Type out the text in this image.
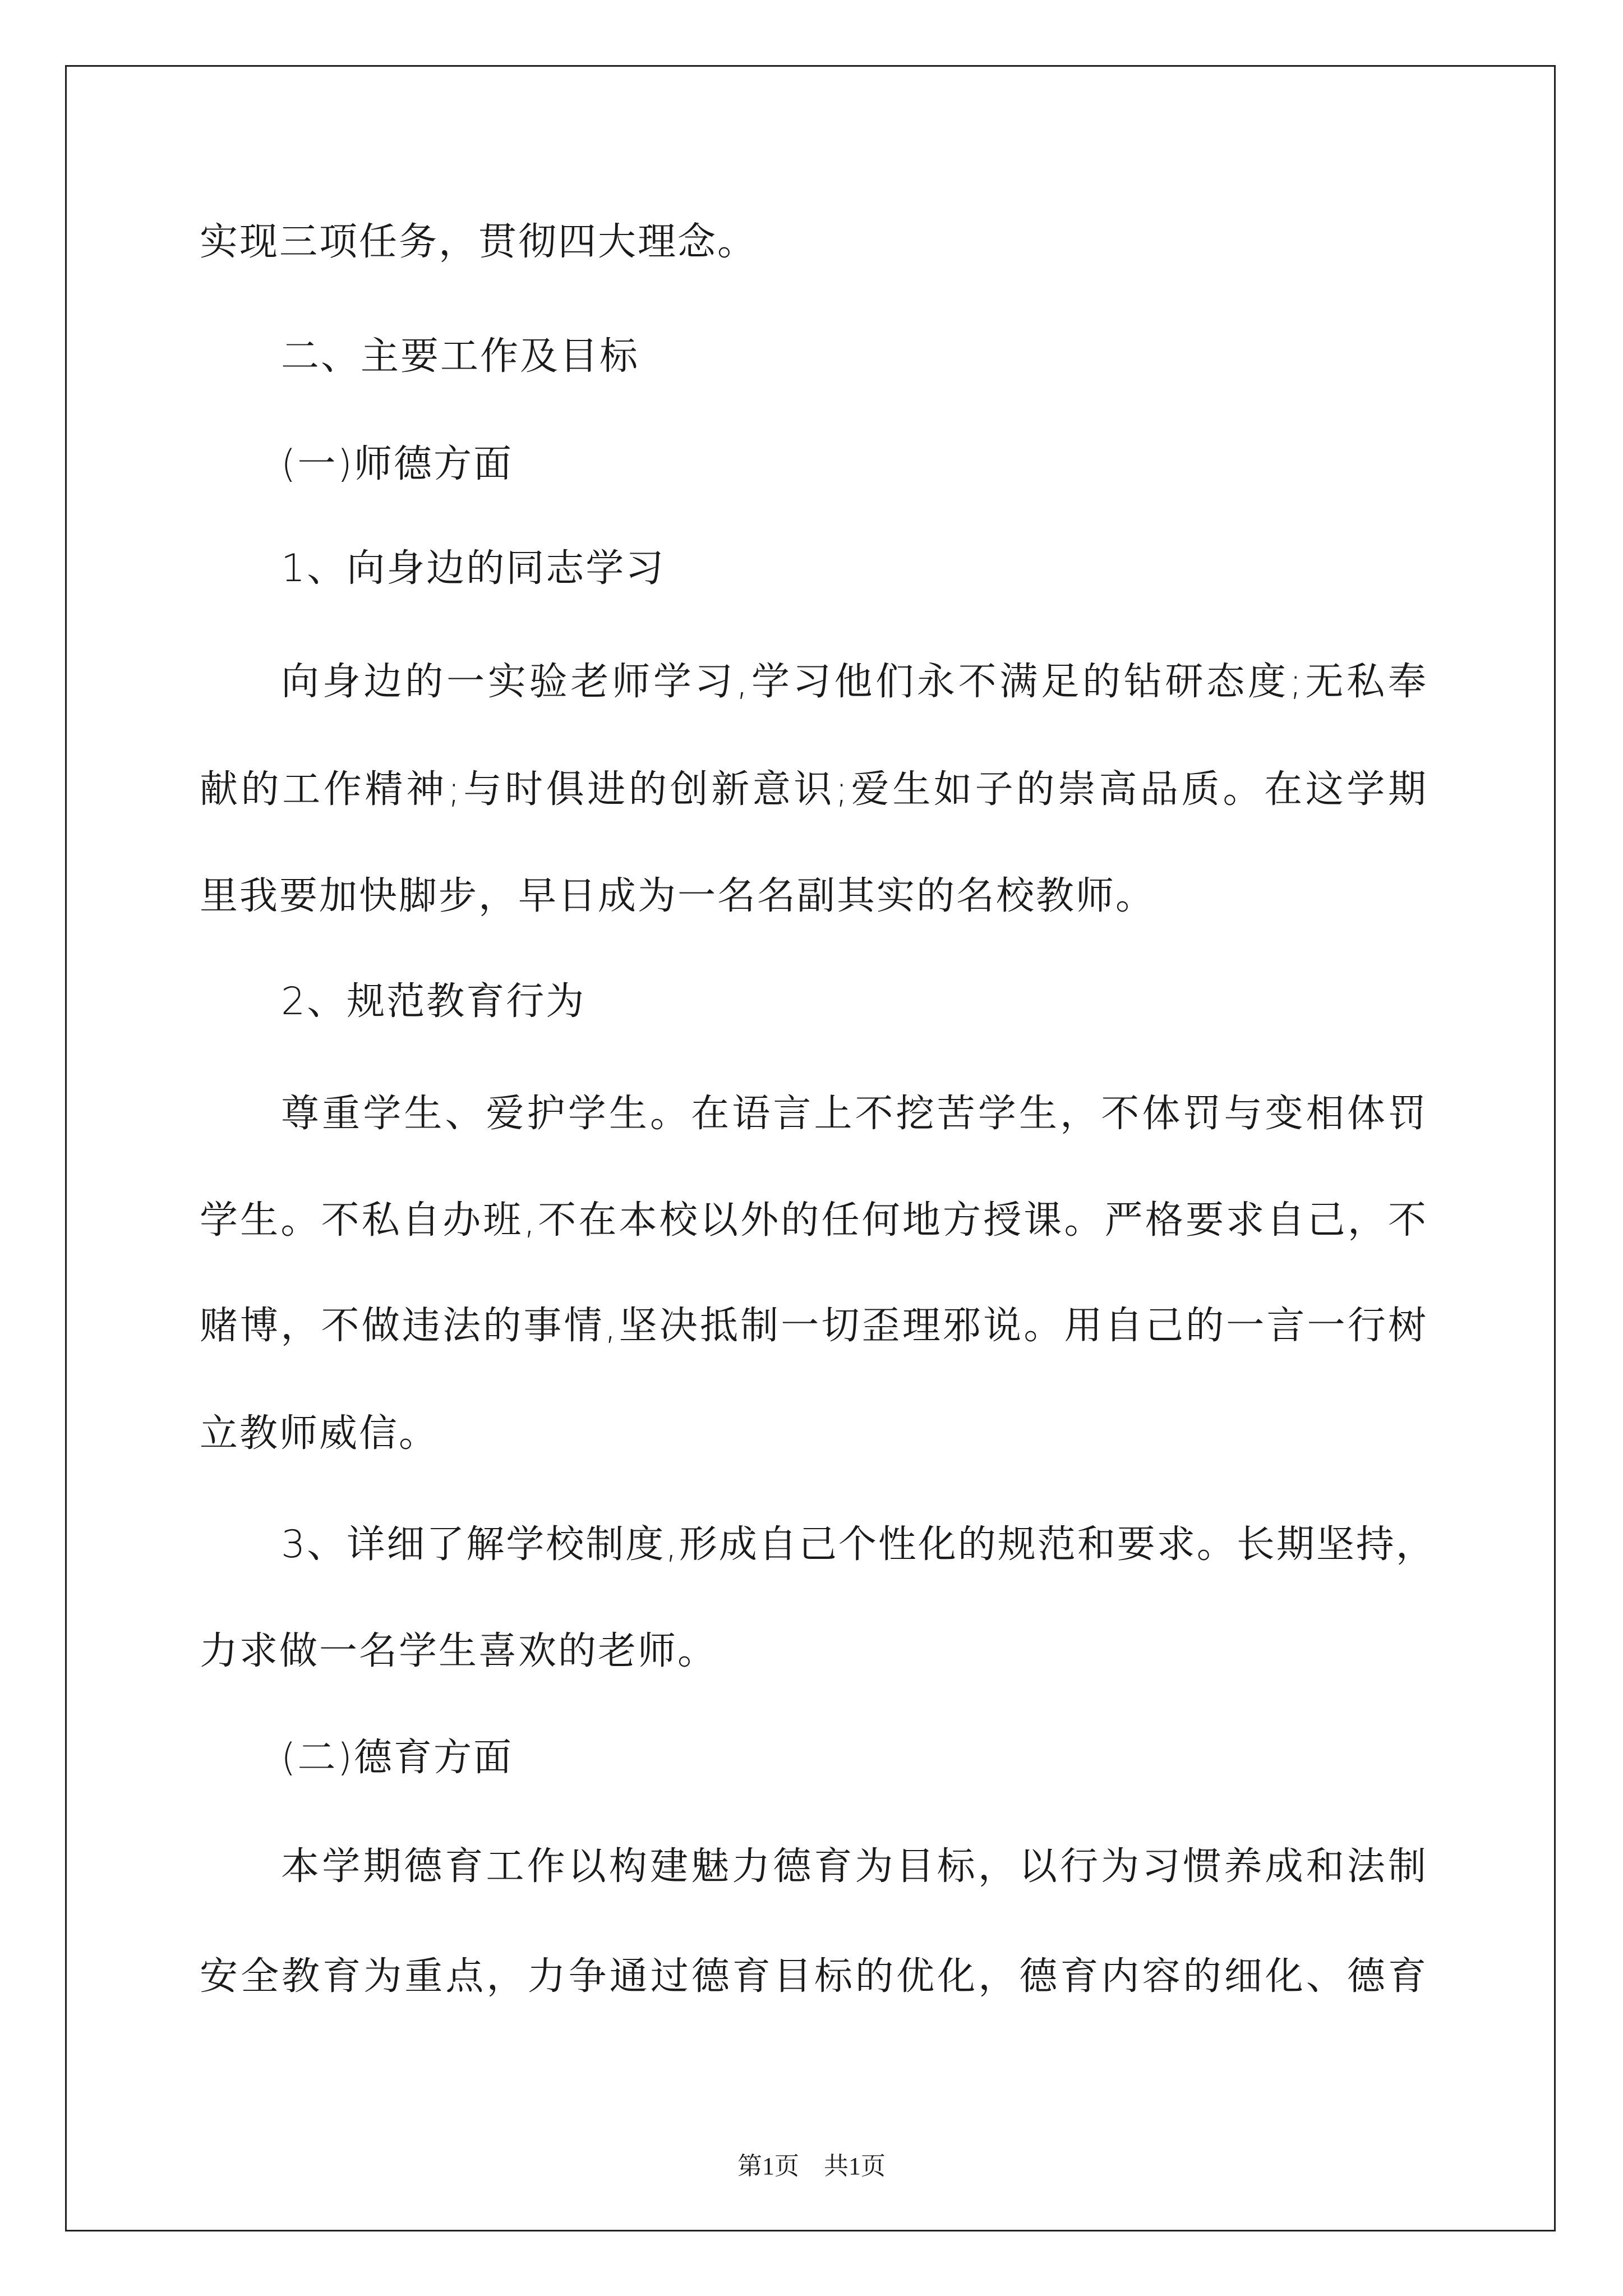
实现三项任务，贯彻四大理念。
二、主要工作及目标
(一)师德方面
1、向身边的同志学习
向身边的一实验老师学习,学习他们永不满足的钻研态度;无私奉
献的工作精神;与时俱进的创新意识;爱生如子的崇高品质。在这学期
里我要加快脚步，早日成为一名名副其实的名校教师。
2、规范教育行为
尊重学生、爱护学生。在语言上不挖苦学生，不体罚与变相体罚
学生。不私自办班,不在本校以外的任何地方授课。严格要求自己，不
赌博，不做违法的事情,坚决抵制一切歪理邪说。用自己的一言一行树
立教师威信。
3、详细了解学校制度,形成自己个性化的规范和要求。长期坚持，
力求做一名学生喜欢的老师。
(二)德育方面
本学期德育工作以构建魅力德育为目标，以行为习惯养成和法制
安全教育为重点，力争通过德育目标的优化，德育内容的细化、德育
第1页 共1页
